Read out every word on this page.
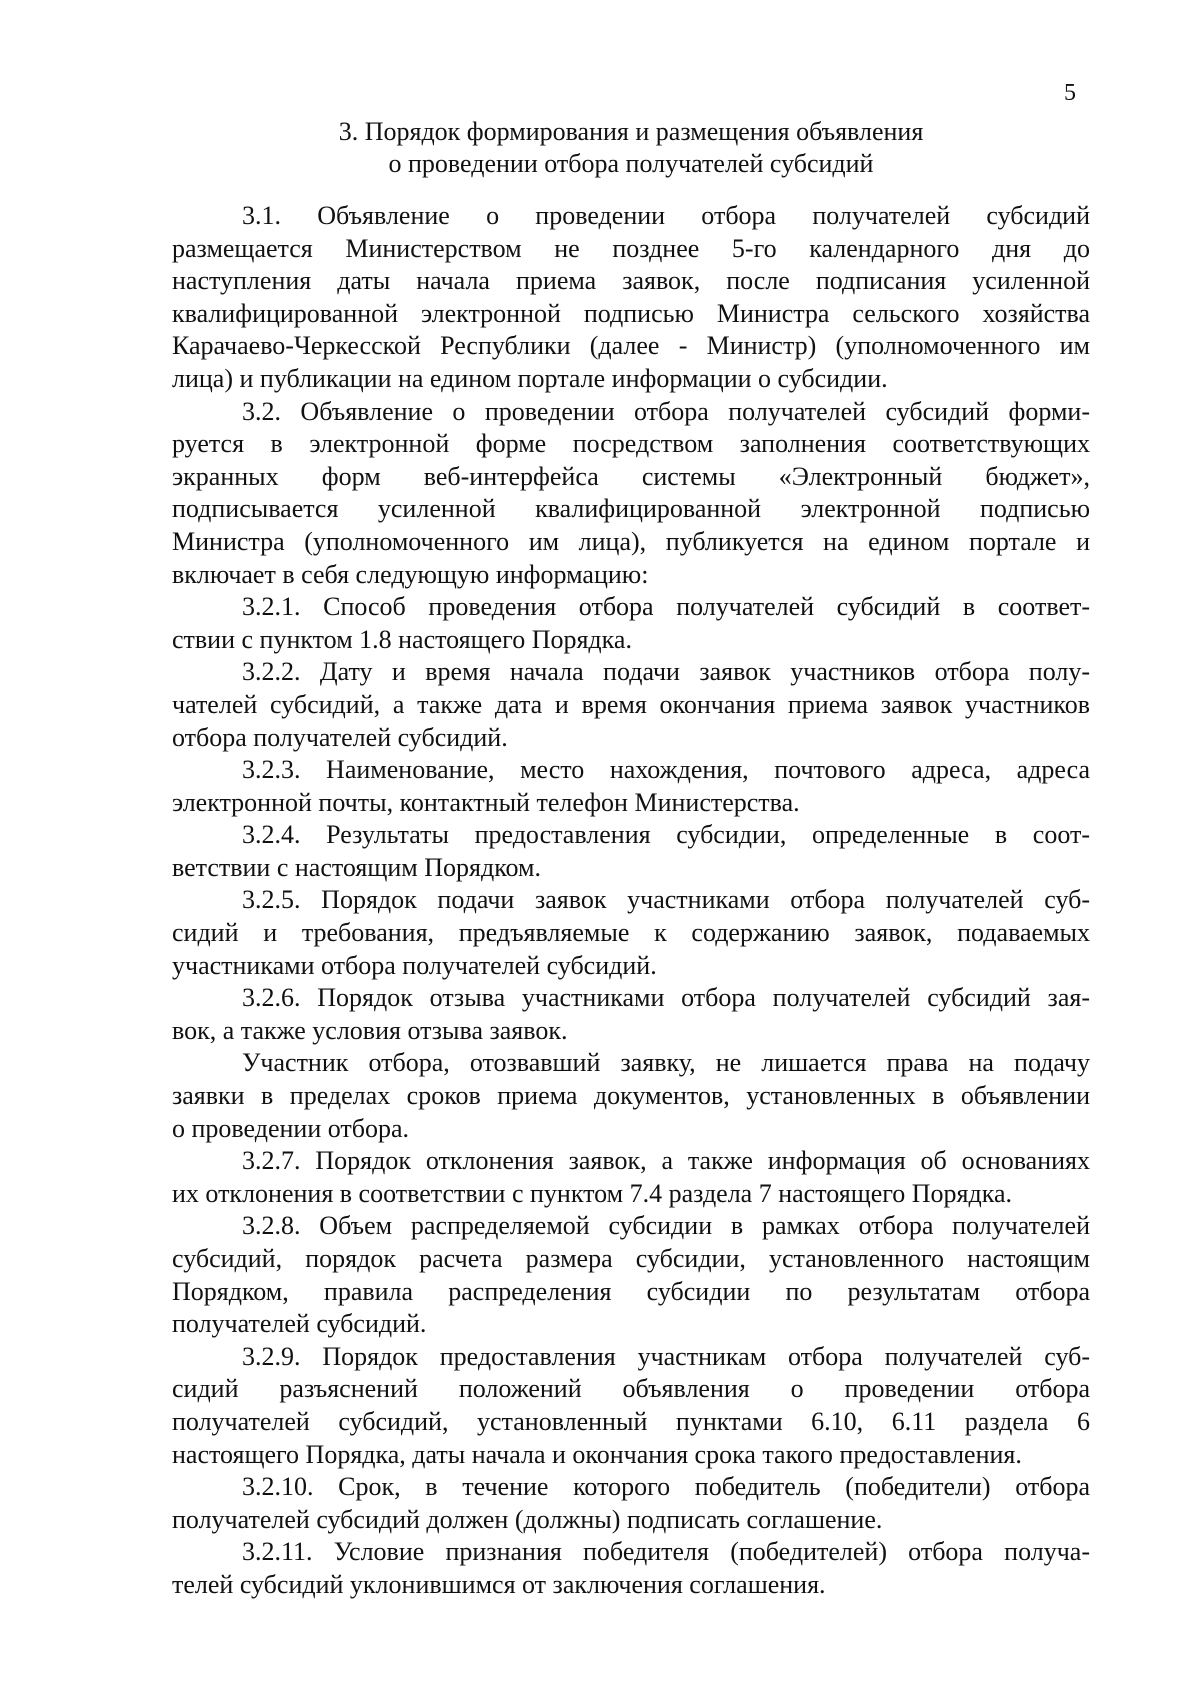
5
3. Порядок формирования и размещения объявления
о проведении отбора получателей субсидий

3.1. Объявление о проведении отбора получателей субсидий
размещается Министерством не позднее 5-го календарного дня до
наступления даты начала приема заявок, после подписания усиленной
квалифицированной электронной подписью Министра сельского хозяйства
Карачаево-Черкесской Республики (далее - Министр) (уполномоченного им
лица) и публикации на едином портале информации о субсидии.

3.2. Объявление о проведении отбора получателей субсидий форми-
руется в электронной форме посредством заполнения соответствующих
экранных форм веб-интерфейса системы «Электронный бюджет»,
подписывается усиленной квалифицированной электронной подписью
Министра (уполномоченного им лица), публикуется на едином портале и
включает в себя следующую информацию:

3.2.1. Способ проведения отбора получателей субсидий в соответ-
ствии с пунктом 1.8 настоящего Порядка.

3.2.2. Дату и время начала подачи заявок участников отбора полу-
чателей субсидий, а также дата и время окончания приема заявок участников
отбора получателей субсидий.

3.2.3. Наименование, место нахождения, почтового адреса, адреса
электронной почты, контактный телефон Министерства.

3.2.4. Результаты предоставления субсидии, определенные в соот-
ветствии с настоящим Порядком.

3.2.5. Порядок подачи заявок участниками отбора получателей суб-
сидий и требования, предъявляемые к содержанию заявок, подаваемых
участниками отбора получателей субсидий.

3.2.6. Порядок отзыва участниками отбора получателей субсидий зая-
вок, а также условия отзыва заявок.

Участник отбора, отозвавший заявку, не лишается права на подачу
заявки в пределах сроков приема документов, установленных в объявлении
о проведении отбора.

3.2.7. Порядок отклонения заявок, а также информация об основаниях
их отклонения в соответствии с пунктом 7.4 раздела 7 настоящего Порядка.

3.2.8. Объем распределяемой субсидии в рамках отбора получателей
субсидий, порядок расчета размера субсидии, установленного настоящим
Порядком, правила распределения субсидии по результатам отбора
получателей субсидий.

3.2.9. Порядок предоставления участникам отбора получателей суб-
сидий разъяснений положений объявления о проведении отбора
получателей субсидий, установленный пунктами 6.10, 6.11 раздела 6
настоящего Порядка, даты начала и окончания срока такого предоставления.

3.2.10. Срок, в течение которого победитель (победители) отбора
получателей субсидий должен (должны) подписать соглашение.

3.2.11. Условие признания победителя (победителей) отбора получа-
телей субсидий уклонившимся от заключения соглашения.
